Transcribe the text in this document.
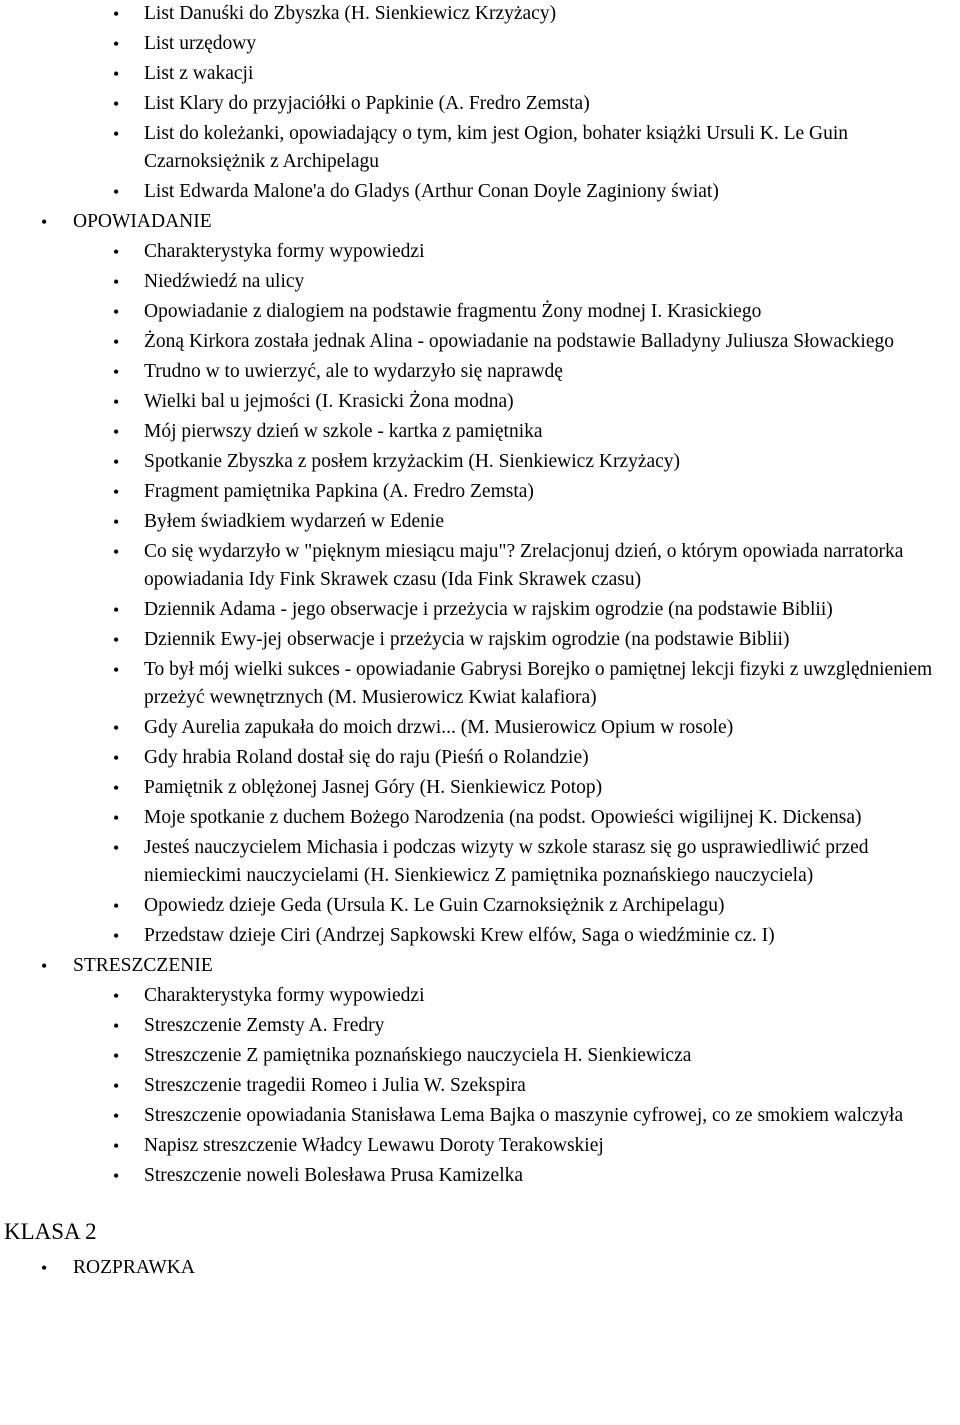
• List Danuśki do Zbyszka (H. Sienkiewicz Krzyżacy)
• List urzędowy
• List z wakacji
• List Klary do przyjaciółki o Papkinie (A. Fredro Zemsta)
• List do koleżanki, opowiadający o tym, kim jest Ogion, bohater książki Ursuli K. Le Guin Czarnoksiężnik z Archipelagu
• List Edwarda Malone'a do Gladys (Arthur Conan Doyle Zaginiony świat)
• OPOWIADANIE
• Charakterystyka formy wypowiedzi
• Niedźwiedź na ulicy
• Opowiadanie z dialogiem na podstawie fragmentu Żony modnej I. Krasickiego
• Żoną Kirkora została jednak Alina - opowiadanie na podstawie Balladyny Juliusza Słowackiego
• Trudno w to uwierzyć, ale to wydarzyło się naprawdę
• Wielki bal u jejmości (I. Krasicki Żona modna)
• Mój pierwszy dzień w szkole - kartka z pamiętnika
• Spotkanie Zbyszka z posłem krzyżackim (H. Sienkiewicz Krzyżacy)
• Fragment pamiętnika Papkina (A. Fredro Zemsta)
• Byłem świadkiem wydarzeń w Edenie
• Co się wydarzyło w "pięknym miesiącu maju"? Zrelacjonuj dzień, o którym opowiada narratorka opowiadania Idy Fink Skrawek czasu (Ida Fink Skrawek czasu)
• Dziennik Adama - jego obserwacje i przeżycia w rajskim ogrodzie (na podstawie Biblii)
• Dziennik Ewy-jej obserwacje i przeżycia w rajskim ogrodzie (na podstawie Biblii)
• To był mój wielki sukces - opowiadanie Gabrysi Borejko o pamiętnej lekcji fizyki z uwzględnieniem przeżyć wewnętrznych (M. Musierowicz Kwiat kalafiora)
• Gdy Aurelia zapukała do moich drzwi... (M. Musierowicz Opium w rosole)
• Gdy hrabia Roland dostał się do raju (Pieśń o Rolandzie)
• Pamiętnik z oblężonej Jasnej Góry (H. Sienkiewicz Potop)
• Moje spotkanie z duchem Bożego Narodzenia (na podst. Opowieści wigilijnej K. Dickensa)
• Jesteś nauczycielem Michasia i podczas wizyty w szkole starasz się go usprawiedliwić przed niemieckimi nauczycielami (H. Sienkiewicz Z pamiętnika poznańskiego nauczyciela)
• Opowiedz dzieje Geda (Ursula K. Le Guin Czarnoksiężnik z Archipelagu)
• Przedstaw dzieje Ciri (Andrzej Sapkowski Krew elfów, Saga o wiedźminie cz. I)
• STRESZCZENIE
• Charakterystyka formy wypowiedzi
• Streszczenie Zemsty A. Fredry
• Streszczenie Z pamiętnika poznańskiego nauczyciela H. Sienkiewicza
• Streszczenie tragedii Romeo i Julia W. Szekspira
• Streszczenie opowiadania Stanisława Lema Bajka o maszynie cyfrowej, co ze smokiem walczyła
• Napisz streszczenie Władcy Lewawu Doroty Terakowskiej
• Streszczenie noweli Bolesława Prusa Kamizelka
KLASA 2
• ROZPRAWKA
